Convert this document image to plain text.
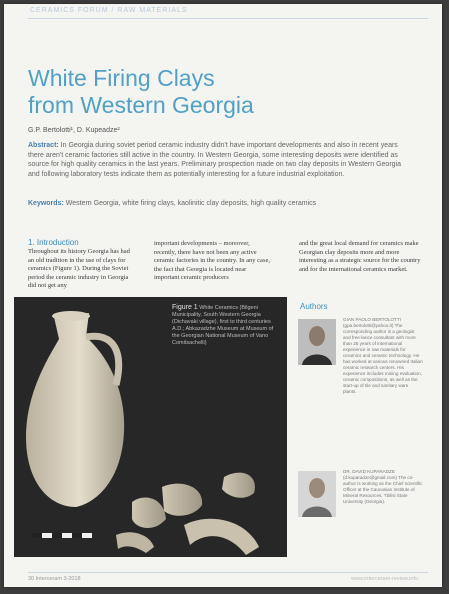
CERAMICS FORUM / RAW MATERIALS
White Firing Clays
from Western Georgia
G.P. Bertolotti¹, D. Kupeadze²
Abstract: In Georgia during soviet period ceramic industry didn't have important developments and also in recent years there aren't ceramic factories still active in the country. In Western Georgia, some interesting deposits were identified as source for high quality ceramics in the last years. Preliminary prospection made on two clay deposits in Western Georgia and following laboratory tests indicate them as potentially interesting for a future industrial exploitation.
Keywords: Western Georgia, white firing clays, kaolinitic clay deposits, high quality ceramics
1. Introduction
Throughout its history Georgia has had an old tradition in the use of clays for ceramics (Figure 1). During the Soviet period the ceramic industry in Georgia did not get any
important developments – moreover, recently, there have not been any active ceramic factories in the country. In any case, the fact that Georgia is located near important ceramic producers
and the great local demand for ceramics make Georgian clay deposits more and more interesting as a strategic source for the country and for the international ceramics market.
Figure 1 White Ceramics (Bilgeni Municipality, South Western Georgia (Dichavaki village), first to third centuries A.D.; Abkazadzhe Museum at Museum of the Georgian National Museum of Vano Comitsachelli)
Authors
GIAN PAOLO BERTOLOTTI (gpa.bertolotti@yahoo.it) The corresponding author is a geologist and free-lance consultant with more than 25 years of international experience in raw materials for ceramics and ceramic technology. He has worked at various renowned Italian ceramic research centers. His experience includes mining evaluation, ceramic compositions, as well as the start-up of tile and sanitary ware plants.
DR. DAVID KUPARADZE (d.kuparadze@gmail.com) The co-author is working as the Chief scientific Officer at the Caucasian Institute of Mineral Resources, Tbilisi State University (Georgia).
30 Interceram 3-2018	www.interceram-review.info
